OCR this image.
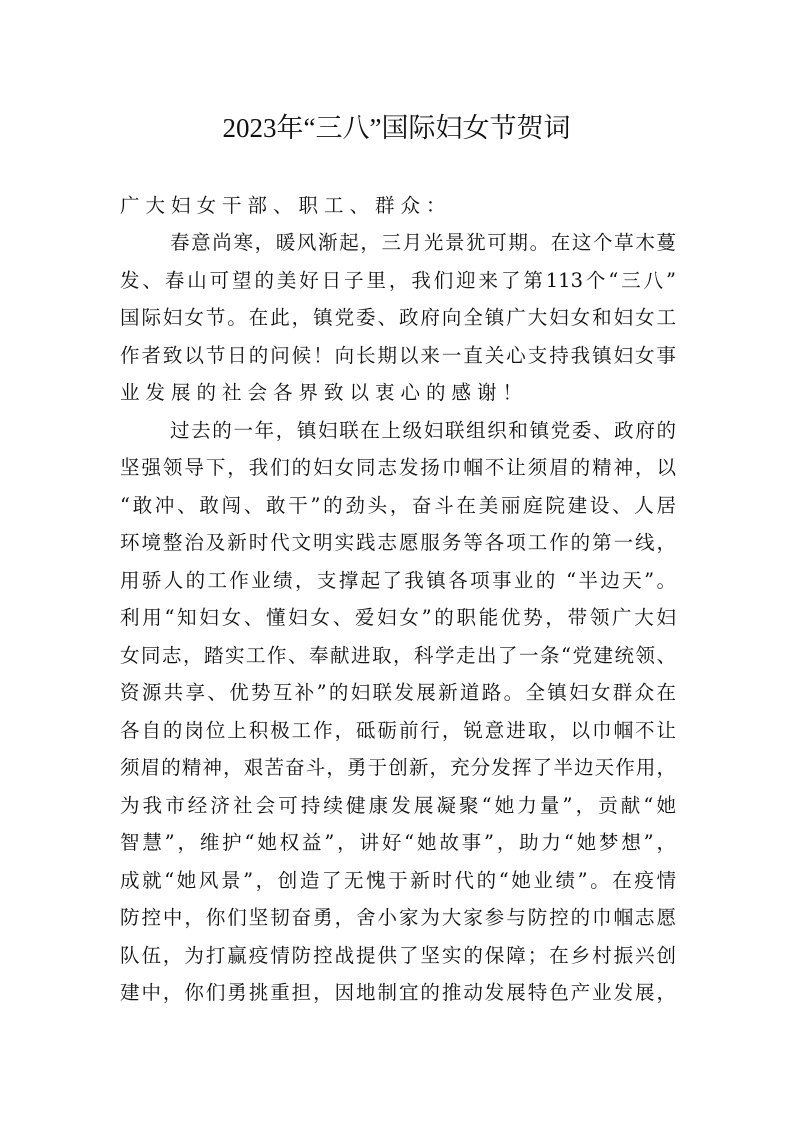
2023年“三八”国际妇女节贺词
广大妇女干部、职工、群众：
春意尚寒，暖风渐起，三月光景犹可期。在这个草木蔓
发、春山可望的美好日子里，我们迎来了第113个“三八”
国际妇女节。在此，镇党委、政府向全镇广大妇女和妇女工
作者致以节日的问候！向长期以来一直关心支持我镇妇女事
业发展的社会各界致以衷心的感谢！
过去的一年，镇妇联在上级妇联组织和镇党委、政府的
坚强领导下，我们的妇女同志发扬巾帼不让须眉的精神，以
“敢冲、敢闯、敢干”的劲头，奋斗在美丽庭院建设、人居
环境整治及新时代文明实践志愿服务等各项工作的第一线，
用骄人的工作业绩，支撑起了我镇各项事业的 “半边天”。
利用“知妇女、懂妇女、爱妇女”的职能优势，带领广大妇
女同志，踏实工作、奉献进取，科学走出了一条“党建统领、
资源共享、优势互补”的妇联发展新道路。全镇妇女群众在
各自的岗位上积极工作，砥砺前行，锐意进取，以巾帼不让
须眉的精神，艰苦奋斗，勇于创新，充分发挥了半边天作用，
为我市经济社会可持续健康发展凝聚“她力量”，贡献“她
智慧”，维护“她权益”，讲好“她故事”，助力“她梦想”，
成就“她风景”，创造了无愧于新时代的“她业绩”。在疫情
防控中，你们坚韧奋勇，舍小家为大家参与防控的巾帼志愿
队伍，为打赢疫情防控战提供了坚实的保障；在乡村振兴创
建中，你们勇挑重担，因地制宜的推动发展特色产业发展，
